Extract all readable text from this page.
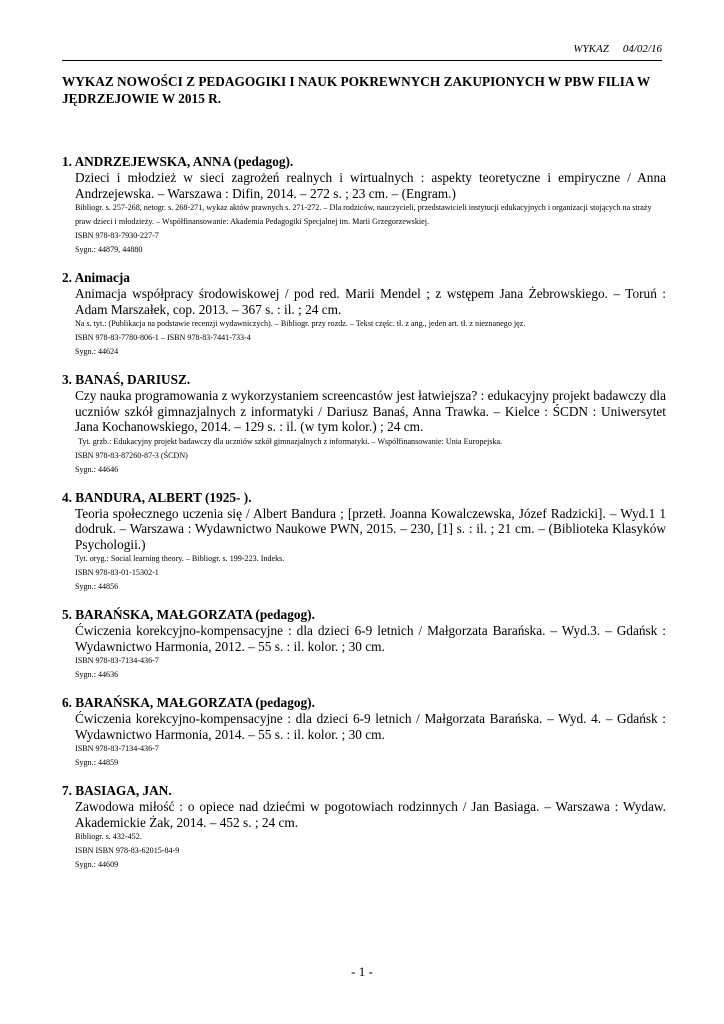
WYKAZ 04/02/16
WYKAZ NOWOŚCI Z PEDAGOGIKI I NAUK POKREWNYCH ZAKUPIONYCH W PBW FILIA W JĘDRZEJOWIE W 2015 R.
1. ANDRZEJEWSKA, ANNA (pedagog).
Dzieci i młodzież w sieci zagrożeń realnych i wirtualnych : aspekty teoretyczne i empiryczne / Anna Andrzejewska. – Warszawa : Difin, 2014. – 272 s. ; 23 cm. – (Engram.)
Bibliogr. s. 257-268, netogr. s. 268-271, wykaz aktów prawnych s. 271-272. – Dla rodziców, nauczycieli, przedstawicieli instytucji edukacyjnych i organizacji stojących na straży praw dzieci i młodzieży. – Współfinansowanie: Akademia Pedagogiki Specjalnej im. Marii Grzegorzewskiej.
ISBN 978-83-7930-227-7
Sygn.: 44879, 44880
2. Animacja
Animacja współpracy środowiskowej / pod red. Marii Mendel ; z wstępem Jana Żebrowskiego. – Toruń : Adam Marszałek, cop. 2013. – 367 s. : il. ; 24 cm.
Na s. tyt.: (Publikacja na podstawie recenzji wydawniczych). – Bibliogr. przy rozdz. – Tekst częśc. tł. z ang., jeden art. tł. z nieznanego jęz.
ISBN 978-83-7780-806-1 – ISBN 978-83-7441-733-4
Sygn.: 44624
3. BANAŚ, DARIUSZ.
Czy nauka programowania z wykorzystaniem screencastów jest łatwiejsza? : edukacyjny projekt badawczy dla uczniów szkół gimnazjalnych z informatyki / Dariusz Banaś, Anna Trawka. – Kielce : ŚCDN : Uniwersytet Jana Kochanowskiego, 2014. – 129 s. : il. (w tym kolor.) ; 24 cm.
Tyt. grzb.: Edukacyjny projekt badawczy dla uczniów szkół gimnazjalnych z informatyki. – Współfinansowanie: Unia Europejska.
ISBN 978-83-87260-87-3 (ŚCDN)
Sygn.: 44646
4. BANDURA, ALBERT (1925- ).
Teoria społecznego uczenia się / Albert Bandura ; [przetł. Joanna Kowalczewska, Józef Radzicki]. – Wyd.1 1 dodruk. – Warszawa : Wydawnictwo Naukowe PWN, 2015. – 230, [1] s. : il. ; 21 cm. – (Biblioteka Klasyków Psychologii.)
Tyt. oryg.: Social learning theory. – Bibliogr. s. 199-223. Indeks.
ISBN 978-83-01-15302-1
Sygn.: 44856
5. BARAŃSKA, MAŁGORZATA (pedagog).
Ćwiczenia korekcyjno-kompensacyjne : dla dzieci 6-9 letnich / Małgorzata Barańska. – Wyd.3. – Gdańsk : Wydawnictwo Harmonia, 2012. – 55 s. : il. kolor. ; 30 cm.
ISBN 978-83-7134-436-7
Sygn.: 44636
6. BARAŃSKA, MAŁGORZATA (pedagog).
Ćwiczenia korekcyjno-kompensacyjne : dla dzieci 6-9 letnich / Małgorzata Barańska. – Wyd. 4. – Gdańsk : Wydawnictwo Harmonia, 2014. – 55 s. : il. kolor. ; 30 cm.
ISBN 978-83-7134-436-7
Sygn.: 44859
7. BASIAGA, JAN.
Zawodowa miłość : o opiece nad dziećmi w pogotowiach rodzinnych / Jan Basiaga. – Warszawa : Wydaw. Akademickie Żak, 2014. – 452 s. ; 24 cm.
Bibliogr. s. 432-452.
ISBN ISBN 978-83-62015-84-9
Sygn.: 44609
- 1 -
